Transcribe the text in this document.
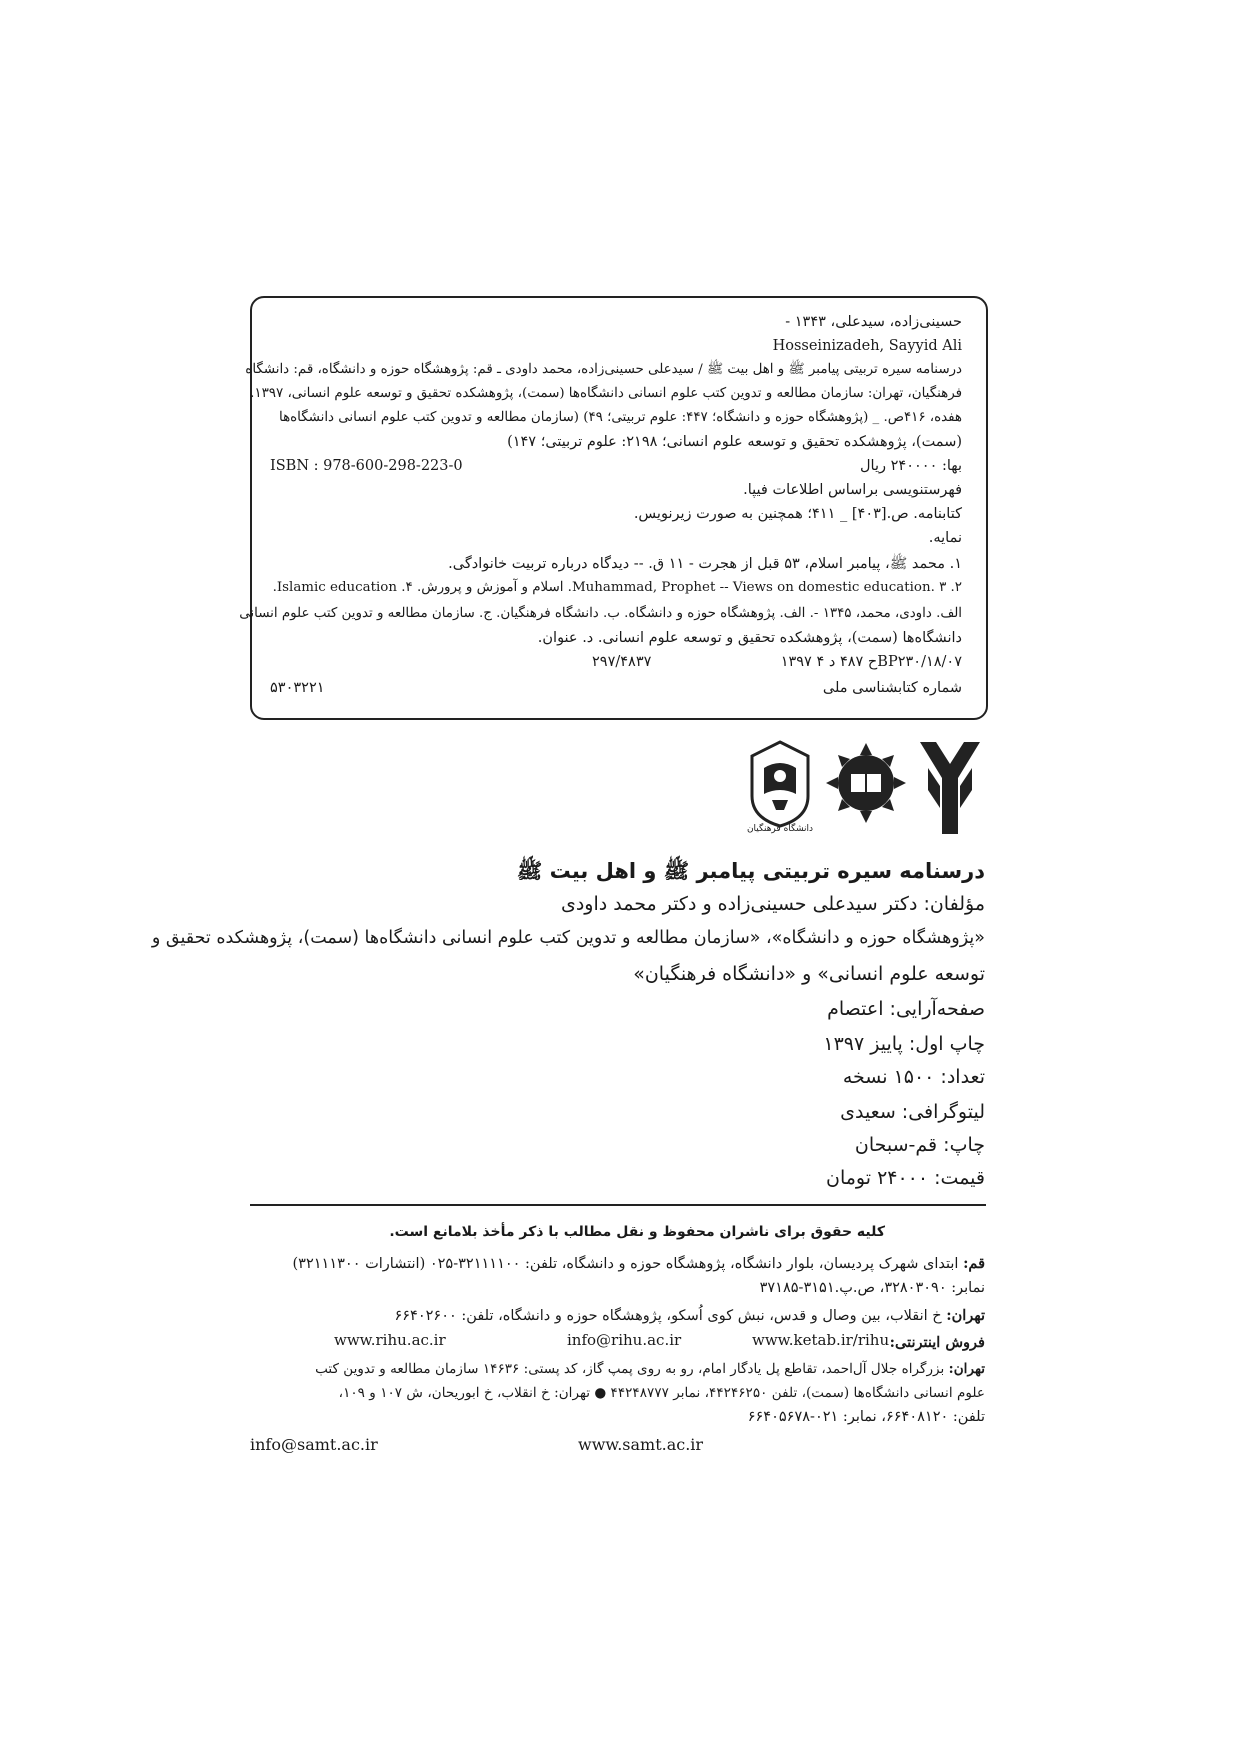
حسینی‌زاده، سیدعلی، ۱۳۴۳ -
Hosseinizadeh, Sayyid Ali
درسنامه سیره تربیتی پیامبر ﷺ و اهل بیت ﷺ / سیدعلی حسینی‌زاده، محمد داودی ـ قم: پژوهشگاه حوزه و دانشگاه، قم: دانشگاه
فرهنگیان، تهران: سازمان مطالعه و تدوین کتب علوم انسانی دانشگاه‌ها (سمت)، پژوهشکده تحقیق و توسعه علوم انسانی، ۱۳۹۷.
هفده، ۴۱۶ص. _ (پژوهشگاه حوزه و دانشگاه؛ ۴۴۷: علوم تربیتی؛ ۴۹) (سازمان مطالعه و تدوین کتب علوم انسانی دانشگاه‌ها
(سمت)، پژوهشکده تحقیق و توسعه علوم انسانی؛ ۲۱۹۸: علوم تربیتی؛ ۱۴۷)
بها: ۲۴۰۰۰۰ ریال
ISBN : 978-600-298-223-0
فهرستنویسی براساس اطلاعات فیپا.
کتابنامه. ص.[۴۰۳] _ ۴۱۱؛ همچنین به صورت زیرنویس.
نمایه.
۱. محمد ﷺ، پیامبر اسلام، ۵۳ قبل از هجرت - ۱۱ ق. -- دیدگاه درباره تربیت خانوادگی.
۲. Muhammad, Prophet -- Views on domestic education. ۳. اسلام و آموزش و پرورش. ۴. Islamic education.
الف. داودی، محمد، ۱۳۴۵ -. الف. پژوهشگاه حوزه و دانشگاه. ب. دانشگاه فرهنگیان. ج. سازمان مطالعه و تدوین کتب علوم انسانی
دانشگاه‌ها (سمت)، پژوهشکده تحقیق و توسعه علوم انسانی. د. عنوان.
BP۲۳۰/۱۸/۰۷ح ۴۸۷ د ۴ ۱۳۹۷
۲۹۷/۴۸۳۷
شماره کتابشناسی ملی
۵۳۰۳۲۲۱
دانشگاه فرهنگیان
درسنامه سیره تربیتی پیامبر ﷺ و اهل بیت ﷺ
مؤلفان: دکتر سیدعلی حسینی‌زاده و دکتر محمد داودی
«پژوهشگاه حوزه و دانشگاه»، «سازمان مطالعه و تدوین کتب علوم انسانی دانشگاه‌ها (سمت)، پژوهشکده تحقیق و
توسعه علوم انسانی» و «دانشگاه فرهنگیان»
صفحه‌آرایی: اعتصام
چاپ اول: پاییز ۱۳۹۷
تعداد: ۱۵۰۰ نسخه
لیتوگرافی: سعیدی
چاپ: قم-سبحان
قیمت: ۲۴۰۰۰ تومان
کلیه حقوق برای ناشران محفوظ و نقل مطالب با ذکر مأخذ بلامانع است.
قم: ابتدای شهرک پردیسان، بلوار دانشگاه، پژوهشگاه حوزه و دانشگاه، تلفن: ۳۲۱۱۱۱۰۰-۰۲۵ (انتشارات ۳۲۱۱۱۳۰۰)
نمابر: ۳۲۸۰۳۰۹۰، ص.پ.۳۱۵۱-۳۷۱۸۵
تهران: خ انقلاب، بین وصال و قدس، نبش کوی اُسکو، پژوهشگاه حوزه و دانشگاه، تلفن: ۶۶۴۰۲۶۰۰
فروش اینترنتی:
www.ketab.ir/rihu
info@rihu.ac.ir
www.rihu.ac.ir
تهران: بزرگراه جلال آل‌احمد، تقاطع پل یادگار امام، رو به روی پمپ گاز، کد پستی: ۱۴۶۳۶ سازمان مطالعه و تدوین کتب
علوم انسانی دانشگاه‌ها (سمت)، تلفن ۴۴۲۴۶۲۵۰، نمابر ۴۴۲۴۸۷۷۷ ● تهران: خ انقلاب، خ ابوریحان، ش ۱۰۷ و ۱۰۹،
تلفن: ۶۶۴۰۸۱۲۰، نمابر: ۰۲۱-۶۶۴۰۵۶۷۸
info@samt.ac.ir	www.samt.ac.ir
